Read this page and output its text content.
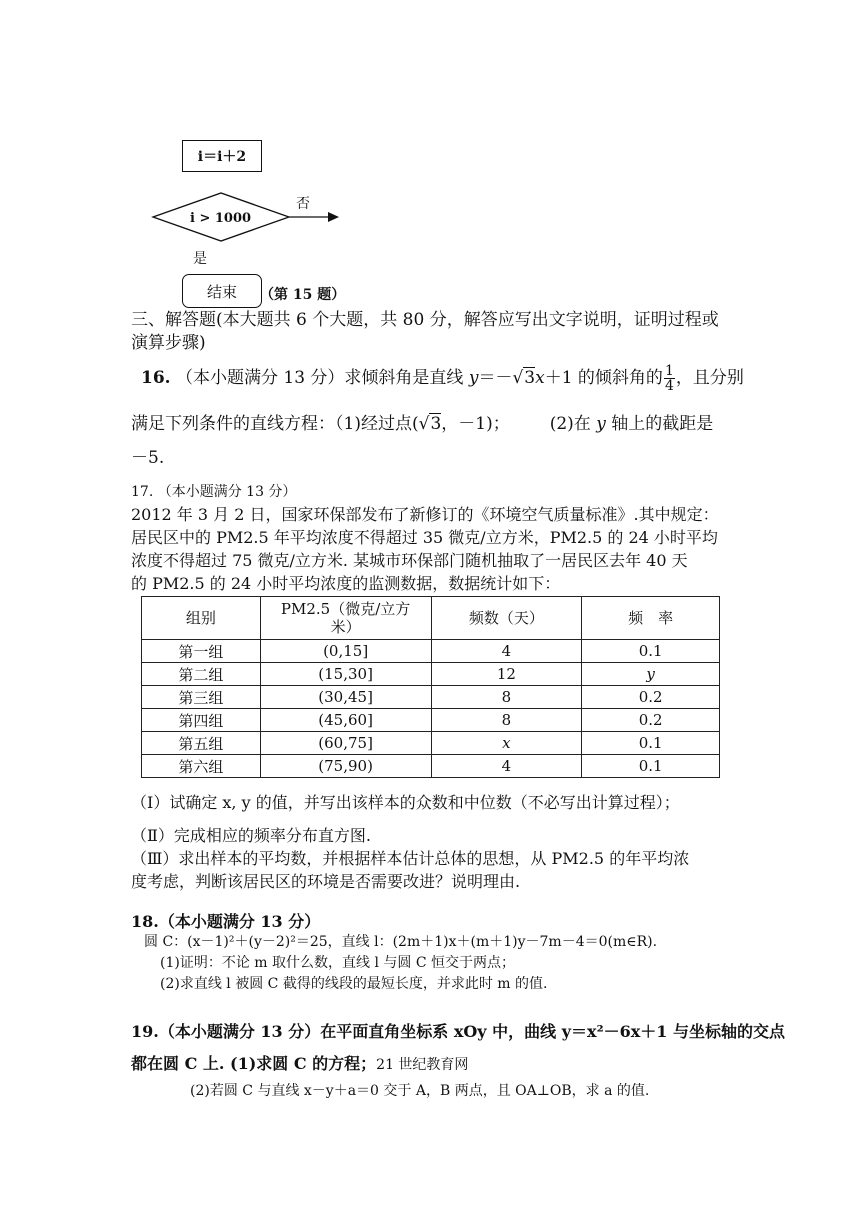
i＝i＋2
i > 1000
否
是
结束 （第 15 题）
三、解答题(本大题共 6 个大题，共 80 分，解答应写出文字说明，证明过程或
演算步骤)
16. （本小题满分 13 分）求倾斜角是直线 y＝－√3x＋1 的倾斜角的 $\frac{1}{4}$ ，且分别
满足下列条件的直线方程：（1)经过点(√3，－1)； (2)在 y 轴上的截距是
－5.
17. （本小题满分 13 分）
2012 年 3 月 2 日，国家环保部发布了新修订的《环境空气质量标准》.其中规定：
居民区中的 PM2.5 年平均浓度不得超过 35 微克/立方米，PM2.5 的 24 小时平均
浓度不得超过 75 微克/立方米. 某城市环保部门随机抽取了一居民区去年 40 天
的 PM2.5 的 24 小时平均浓度的监测数据，数据统计如下：
组别	PM2.5（微克/立方米）	频数（天）	频　率
第一组	(0,15]	4	0.1
第二组	(15,30]	12	y
第三组	(30,45]	8	0.2
第四组	(45,60]	8	0.2
第五组	(60,75]	x	0.1
第六组	(75,90)	4	0.1
（Ⅰ）试确定 x, y 的值，并写出该样本的众数和中位数（不必写出计算过程）；
（Ⅱ）完成相应的频率分布直方图.
（Ⅲ）求出样本的平均数，并根据样本估计总体的思想，从 PM2.5 的年平均浓
度考虑，判断该居民区的环境是否需要改进？说明理由.
18.（本小题满分 13 分）
圆 C：(x－1)²＋(y－2)²＝25，直线 l：(2m＋1)x＋(m＋1)y－7m－4＝0(m∈R).
(1)证明：不论 m 取什么数，直线 l 与圆 C 恒交于两点；
(2)求直线 l 被圆 C 截得的线段的最短长度，并求此时 m 的值.
19.（本小题满分 13 分）在平面直角坐标系 xOy 中，曲线 y＝x²－6x＋1 与坐标轴的交点
都在圆 C 上. (1)求圆 C 的方程；21 世纪教育网
(2)若圆 C 与直线 x－y＋a＝0 交于 A，B 两点，且 OA⊥OB，求 a 的值.
